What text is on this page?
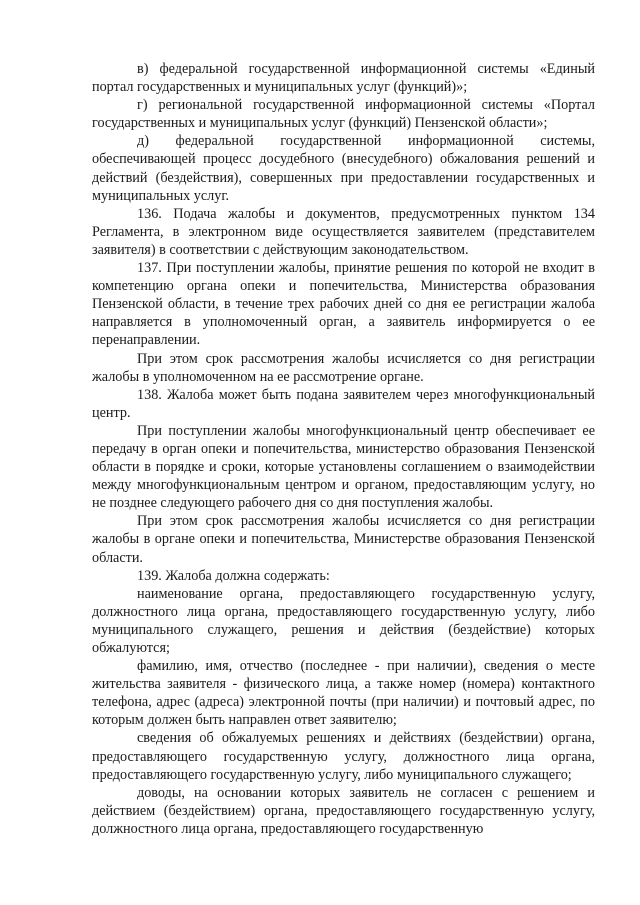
в) федеральной государственной информационной системы «Единый портал государственных и муниципальных услуг (функций)»;

г) региональной государственной информационной системы «Портал государственных и муниципальных услуг (функций) Пензенской области»;

д) федеральной государственной информационной системы, обеспечивающей процесс досудебного (внесудебного) обжалования решений и действий (бездействия), совершенных при предоставлении государственных и муниципальных услуг.

136. Подача жалобы и документов, предусмотренных пунктом 134 Регламента, в электронном виде осуществляется заявителем (представителем заявителя) в соответствии с действующим законодательством.

137. При поступлении жалобы, принятие решения по которой не входит в компетенцию органа опеки и попечительства, Министерства образования Пензенской области, в течение трех рабочих дней со дня ее регистрации жалоба направляется в уполномоченный орган, а заявитель информируется о ее перенаправлении.

При этом срок рассмотрения жалобы исчисляется со дня регистрации жалобы в уполномоченном на ее рассмотрение органе.

138. Жалоба может быть подана заявителем через многофункциональный центр.

При поступлении жалобы многофункциональный центр обеспечивает ее передачу в орган опеки и попечительства, министерство образования Пензенской области в порядке и сроки, которые установлены соглашением о взаимодействии между многофункциональным центром и органом, предоставляющим услугу, но не позднее следующего рабочего дня со дня поступления жалобы.

При этом срок рассмотрения жалобы исчисляется со дня регистрации жалобы в органе опеки и попечительства, Министерстве образования Пензенской области.

139. Жалоба должна содержать:

наименование органа, предоставляющего государственную услугу, должностного лица органа, предоставляющего государственную услугу, либо муниципального служащего, решения и действия (бездействие) которых обжалуются;

фамилию, имя, отчество (последнее - при наличии), сведения о месте жительства заявителя - физического лица, а также номер (номера) контактного телефона, адрес (адреса) электронной почты (при наличии) и почтовый адрес, по которым должен быть направлен ответ заявителю;

сведения об обжалуемых решениях и действиях (бездействии) органа, предоставляющего государственную услугу, должностного лица органа, предоставляющего государственную услугу, либо муниципального служащего;

доводы, на основании которых заявитель не согласен с решением и действием (бездействием) органа, предоставляющего государственную услугу, должностного лица органа, предоставляющего государственную
